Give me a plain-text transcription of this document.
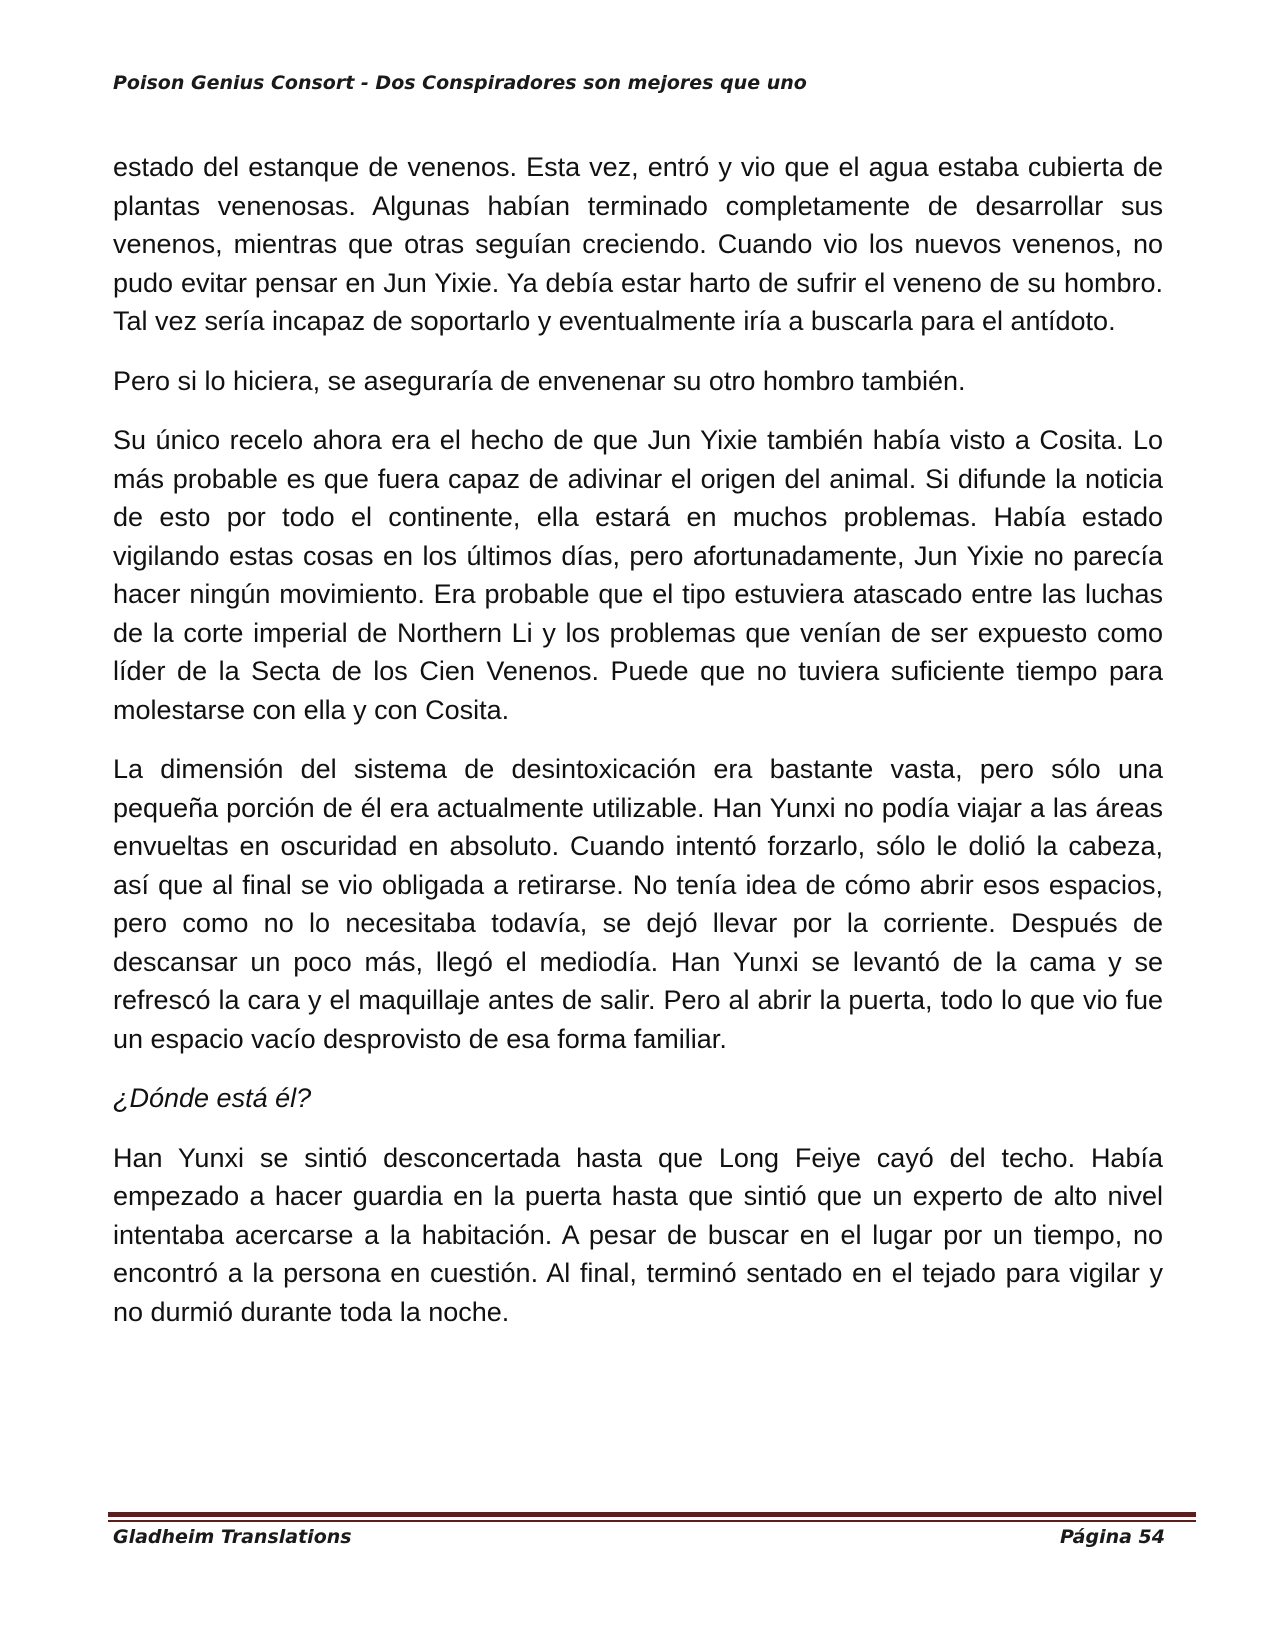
Poison Genius Consort - Dos Conspiradores son mejores que uno

estado del estanque de venenos. Esta vez, entró y vio que el agua estaba cubierta de plantas venenosas. Algunas habían terminado completamente de desarrollar sus venenos, mientras que otras seguían creciendo. Cuando vio los nuevos venenos, no pudo evitar pensar en Jun Yixie. Ya debía estar harto de sufrir el veneno de su hombro. Tal vez sería incapaz de soportarlo y eventualmente iría a buscarla para el antídoto.

Pero si lo hiciera, se aseguraría de envenenar su otro hombro también.

Su único recelo ahora era el hecho de que Jun Yixie también había visto a Cosita. Lo más probable es que fuera capaz de adivinar el origen del animal. Si difunde la noticia de esto por todo el continente, ella estará en muchos problemas. Había estado vigilando estas cosas en los últimos días, pero afortunadamente, Jun Yixie no parecía hacer ningún movimiento. Era probable que el tipo estuviera atascado entre las luchas de la corte imperial de Northern Li y los problemas que venían de ser expuesto como líder de la Secta de los Cien Venenos. Puede que no tuviera suficiente tiempo para molestarse con ella y con Cosita.

La dimensión del sistema de desintoxicación era bastante vasta, pero sólo una pequeña porción de él era actualmente utilizable. Han Yunxi no podía viajar a las áreas envueltas en oscuridad en absoluto. Cuando intentó forzarlo, sólo le dolió la cabeza, así que al final se vio obligada a retirarse. No tenía idea de cómo abrir esos espacios, pero como no lo necesitaba todavía, se dejó llevar por la corriente. Después de descansar un poco más, llegó el mediodía. Han Yunxi se levantó de la cama y se refrescó la cara y el maquillaje antes de salir. Pero al abrir la puerta, todo lo que vio fue un espacio vacío desprovisto de esa forma familiar.

¿Dónde está él?

Han Yunxi se sintió desconcertada hasta que Long Feiye cayó del techo. Había empezado a hacer guardia en la puerta hasta que sintió que un experto de alto nivel intentaba acercarse a la habitación. A pesar de buscar en el lugar por un tiempo, no encontró a la persona en cuestión. Al final, terminó sentado en el tejado para vigilar y no durmió durante toda la noche.

Gladheim Translations	Página 54
